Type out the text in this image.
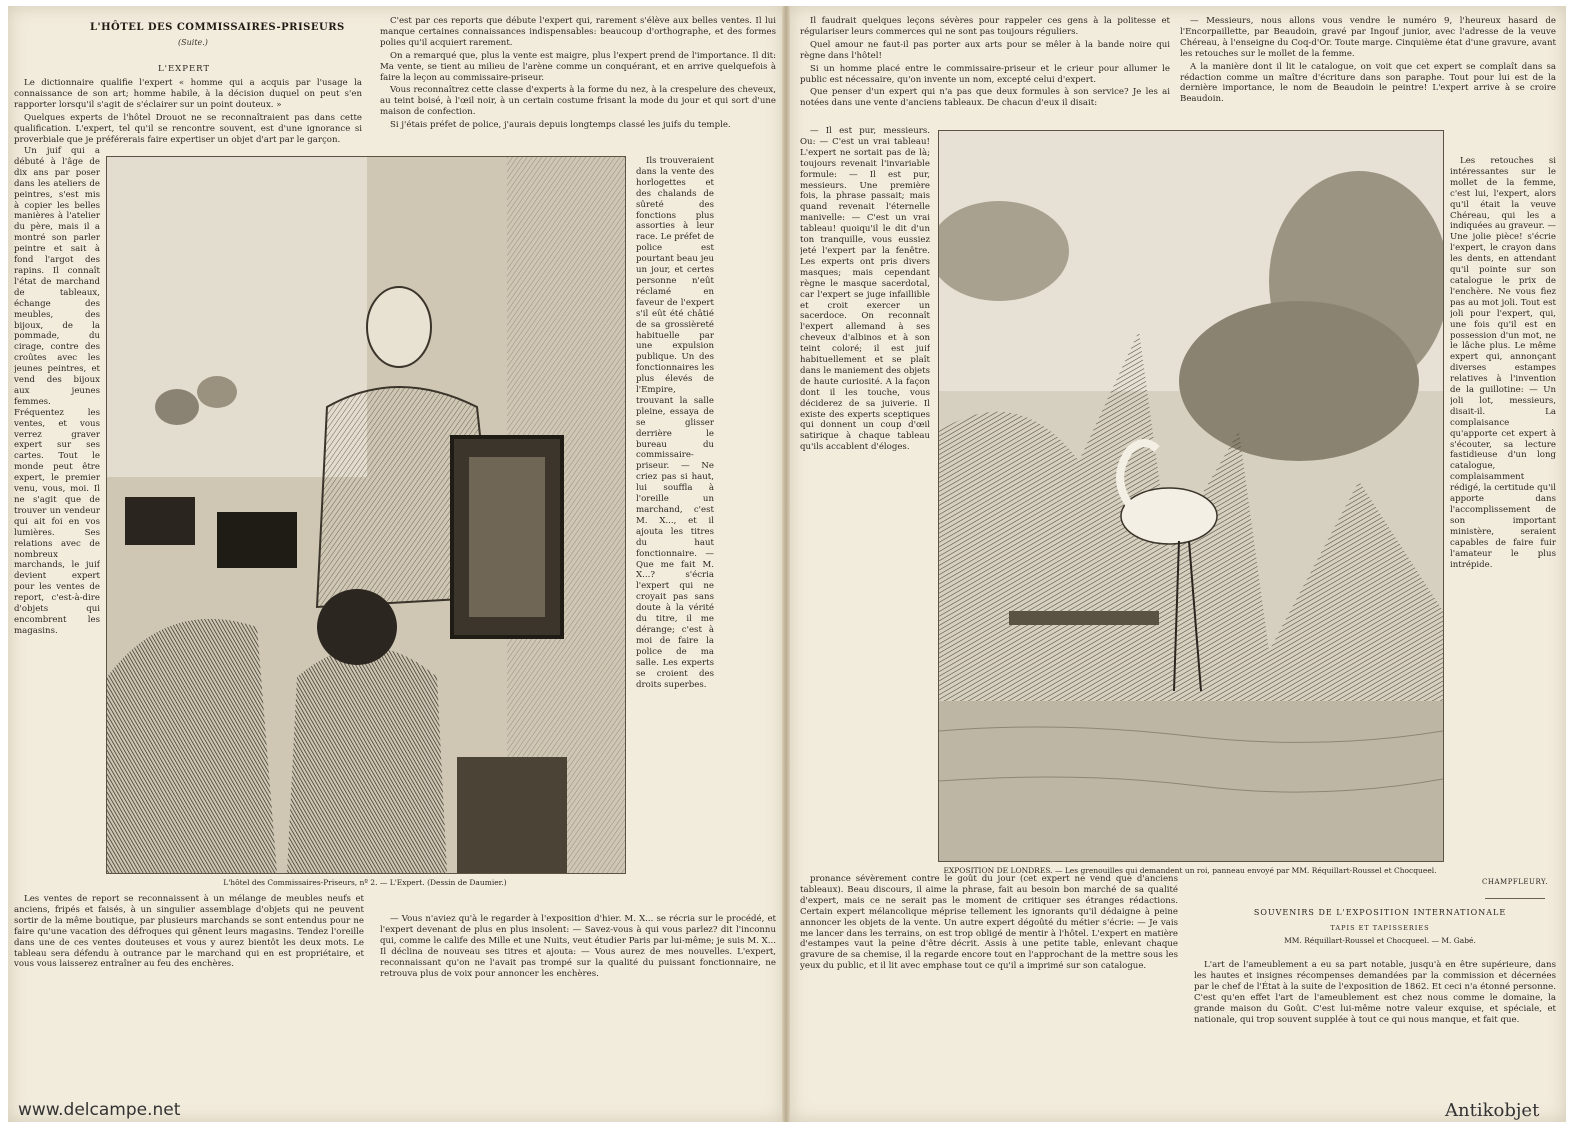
L'HÔTEL DES COMMISSAIRES-PRISEURS
(Suite.)
L'EXPERT

Le dictionnaire qualifie l'expert « homme qui a acquis par l'usage la connaissance de son art; homme habile, à la décision duquel on peut s'en rapporter lorsqu'il s'agit de s'éclairer sur un point douteux. »

Quelques experts de l'hôtel Drouot ne se reconnaîtraient pas dans cette qualification. L'expert, tel qu'il se rencontre souvent, est d'une ignorance si proverbiale que je préférerais faire expertiser un objet d'art par le garçon.

Un juif qui a débuté à l'âge de dix ans par poser dans les ateliers de peintres, s'est mis à copier les belles manières à l'atelier du père, mais il a montré son parler peintre et sait à fond l'argot des rapins. Il connaît l'état de marchand de tableaux, échange des meubles, des bijoux, de la pommade, du cirage, contre des croûtes avec les jeunes peintres, et vend des bijoux aux jeunes femmes. Fréquentez les ventes, et vous verrez graver expert sur ses cartes. Tout le monde peut être expert, le premier venu, vous, moi. Il ne s'agit que de trouver un vendeur qui ait foi en vos lumières. Ses relations avec de nombreux marchands, le juif devient expert pour les ventes de report, c'est-à-dire d'objets qui encombrent les magasins.

C'est par ces reports que débute l'expert qui, rarement s'élève aux belles ventes. Il lui manque certaines connaissances indispensables: beaucoup d'orthographe, et des formes polies qu'il acquiert rarement.

On a remarqué que, plus la vente est maigre, plus l'expert prend de l'importance. Il dit: Ma vente, se tient au milieu de l'arène comme un conquérant, et en arrive quelquefois à faire la leçon au commissaire-priseur.

Vous reconnaîtrez cette classe d'experts à la forme du nez, à la crespelure des cheveux, au teint boisé, à l'œil noir, à un certain costume frisant la mode du jour et qui sort d'une maison de confection.

Si j'étais préfet de police, j'aurais depuis longtemps classé les juifs du temple.

Ils trouveraient dans la vente des horlogettes et des chalands de sûreté des fonctions plus assorties à leur race. Le préfet de police est pourtant beau jeu un jour, et certes personne n'eût réclamé en faveur de l'expert s'il eût été châtié de sa grossièreté habituelle par une expulsion publique. Un des fonctionnaires les plus élevés de l'Empire, trouvant la salle pleine, essaya de se glisser derrière le bureau du commissaire-priseur. — Ne criez pas si haut, lui souffla à l'oreille un marchand, c'est M. X..., et il ajouta les titres du haut fonctionnaire. — Que me fait M. X...? s'écria l'expert qui ne croyait pas sans doute à la vérité du titre, il me dérange; c'est à moi de faire la police de ma salle. Les experts se croient des droits superbes.

L'hôtel des Commissaires-Priseurs, nº 2. — L'Expert. (Dessin de Daumier.)

Les ventes de report se reconnaissent à un mélange de meubles neufs et anciens, fripés et faisés, à un singulier assemblage d'objets qui ne peuvent sortir de la même boutique, par plusieurs marchands se sont entendus pour ne faire qu'une vacation des défroques qui gênent leurs magasins. Tendez l'oreille dans une de ces ventes douteuses et vous y aurez bientôt les deux mots. Le tableau sera défendu à outrance par le marchand qui en est propriétaire, et vous vous laisserez entraîner au feu des enchères.

— Vous n'aviez qu'à le regarder à l'exposition d'hier. M. X... se récria sur le procédé, et l'expert devenant de plus en plus insolent: — Savez-vous à qui vous parlez? dit l'inconnu qui, comme le calife des Mille et une Nuits, veut étudier Paris par lui-même; je suis M. X... Il déclina de nouveau ses titres et ajouta: — Vous aurez de mes nouvelles. L'expert, reconnaissant qu'on ne l'avait pas trompé sur la qualité du puissant fonctionnaire, ne retrouva plus de voix pour annoncer les enchères.

www.delcampe.net

Il faudrait quelques leçons sévères pour rappeler ces gens à la politesse et régulariser leurs commerces qui ne sont pas toujours réguliers.

Quel amour ne faut-il pas porter aux arts pour se mêler à la bande noire qui règne dans l'hôtel!

Si un homme placé entre le commissaire-priseur et le crieur pour allumer le public est nécessaire, qu'on invente un nom, excepté celui d'expert.

Que penser d'un expert qui n'a pas que deux formules à son service? Je les ai notées dans une vente d'anciens tableaux. De chacun d'eux il disait:

— Messieurs, nous allons vous vendre le numéro 9, l'heureux hasard de l'Encorpaillette, par Beaudoin, gravé par Ingouf junior, avec l'adresse de la veuve Chéreau, à l'enseigne du Coq-d'Or. Toute marge. Cinquième état d'une gravure, avant les retouches sur le mollet de la femme.

A la manière dont il lit le catalogue, on voit que cet expert se complaît dans sa rédaction comme un maître d'écriture dans son paraphe. Tout pour lui est de la dernière importance, le nom de Beaudoin le peintre! L'expert arrive à se croire Beaudoin.

— Il est pur, messieurs. Ou: — C'est un vrai tableau! L'expert ne sortait pas de là; toujours revenait l'invariable formule: — Il est pur, messieurs. Une première fois, la phrase passait; mais quand revenait l'éternelle manivelle: — C'est un vrai tableau! quoiqu'il le dit d'un ton tranquille, vous eussiez jeté l'expert par la fenêtre. Les experts ont pris divers masques; mais cependant règne le masque sacerdotal, car l'expert se juge infaillible et croit exercer un sacerdoce. On reconnaît l'expert allemand à ses cheveux d'albinos et à son teint coloré; il est juif habituellement et se plaît dans le maniement des objets de haute curiosité. A la façon dont il les touche, vous déciderez de sa juiverie. Il existe des experts sceptiques qui donnent un coup d'œil satirique à chaque tableau qu'ils accablent d'éloges.

Les retouches si intéressantes sur le mollet de la femme, c'est lui, l'expert, alors qu'il était la veuve Chéreau, qui les a indiquées au graveur. — Une jolie pièce! s'écrie l'expert, le crayon dans les dents, en attendant qu'il pointe sur son catalogue le prix de l'enchère. Ne vous fiez pas au mot joli. Tout est joli pour l'expert, qui, une fois qu'il est en possession d'un mot, ne le lâche plus. Le même expert qui, annonçant diverses estampes relatives à l'invention de la guillotine: — Un joli lot, messieurs, disait-il. La complaisance qu'apporte cet expert à s'écouter, sa lecture fastidieuse d'un long catalogue, complaisamment rédigé, la certitude qu'il apporte dans l'accomplissement de son important ministère, seraient capables de faire fuir l'amateur le plus intrépide.

CHAMPFLEURY.
EXPOSITION DE LONDRES. — Les grenouilles qui demandent un roi, panneau envoyé par MM. Réquillart-Roussel et Chocqueel.

pronance sévèrement contre le goût du jour (cet expert ne vend que d'anciens tableaux). Beau discours, il aime la phrase, fait au besoin bon marché de sa qualité d'expert, mais ce ne serait pas le moment de critiquer ses étranges rédactions. Certain expert mélancolique méprise tellement les ignorants qu'il dédaigne à peine annoncer les objets de la vente. Un autre expert dégoûté du métier s'écrie: — Je vais me lancer dans les terrains, on est trop obligé de mentir à l'hôtel. L'expert en matière d'estampes vaut la peine d'être décrit. Assis à une petite table, enlevant chaque gravure de sa chemise, il la regarde encore tout en l'approchant de la mettre sous les yeux du public, et il lit avec emphase tout ce qu'il a imprimé sur son catalogue.

SOUVENIRS DE L'EXPOSITION INTERNATIONALE
TAPIS ET TAPISSERIES
MM. Réquillart-Roussel et Chocqueel. — M. Gabé.

L'art de l'ameublement a eu sa part notable, jusqu'à en être supérieure, dans les hautes et insignes récompenses demandées par la commission et décernées par le chef de l'État à la suite de l'exposition de 1862. Et ceci n'a étonné personne. C'est qu'en effet l'art de l'ameublement est chez nous comme le domaine, la grande maison du Goût. C'est lui-même notre valeur exquise, et spéciale, et nationale, qui trop souvent supplée à tout ce qui nous manque, et fait que.

Antikobjet
